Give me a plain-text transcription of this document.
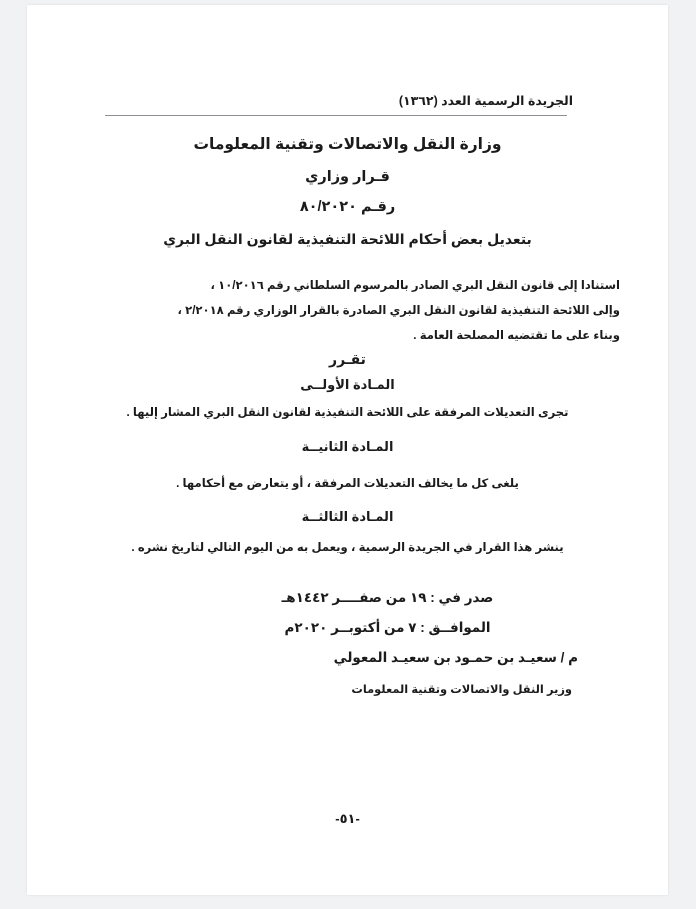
الجريدة الرسمية العدد (١٣٦٢)
وزارة النقل والاتصالات وتقنية المعلومات
قـرار وزاري
رقـم ٨٠/٢٠٢٠
بتعديل بعض أحكام اللائحة التنفيذية لقانون النقل البري
استنادا إلى قانون النقل البري الصادر بالمرسوم السلطاني رقم ١٠/٢٠١٦ ،
وإلى اللائحة التنفيذية لقانون النقل البري الصادرة بالقرار الوزاري رقم ٢/٢٠١٨ ،
وبناء على ما تقتضيه المصلحة العامة .
تقـرر
المـادة الأولــى
تجرى التعديلات المرفقة على اللائحة التنفيذية لقانون النقل البري المشار إليها .
المـادة الثانيــة
يلغى كل ما يخالف التعديلات المرفقة ، أو يتعارض مع أحكامها .
المـادة الثالثــة
ينشر هذا القرار في الجريدة الرسمية ، ويعمل به من اليوم التالي لتاريخ نشره .
صدر في : ١٩ من صفــــر ١٤٤٢هـ
الموافــق : ٧ من أكتوبــر ٢٠٢٠م
م / سعيـد بن حمـود بن سعيـد المعولي
وزير النقل والاتصالات وتقنية المعلومات
-٥١-
